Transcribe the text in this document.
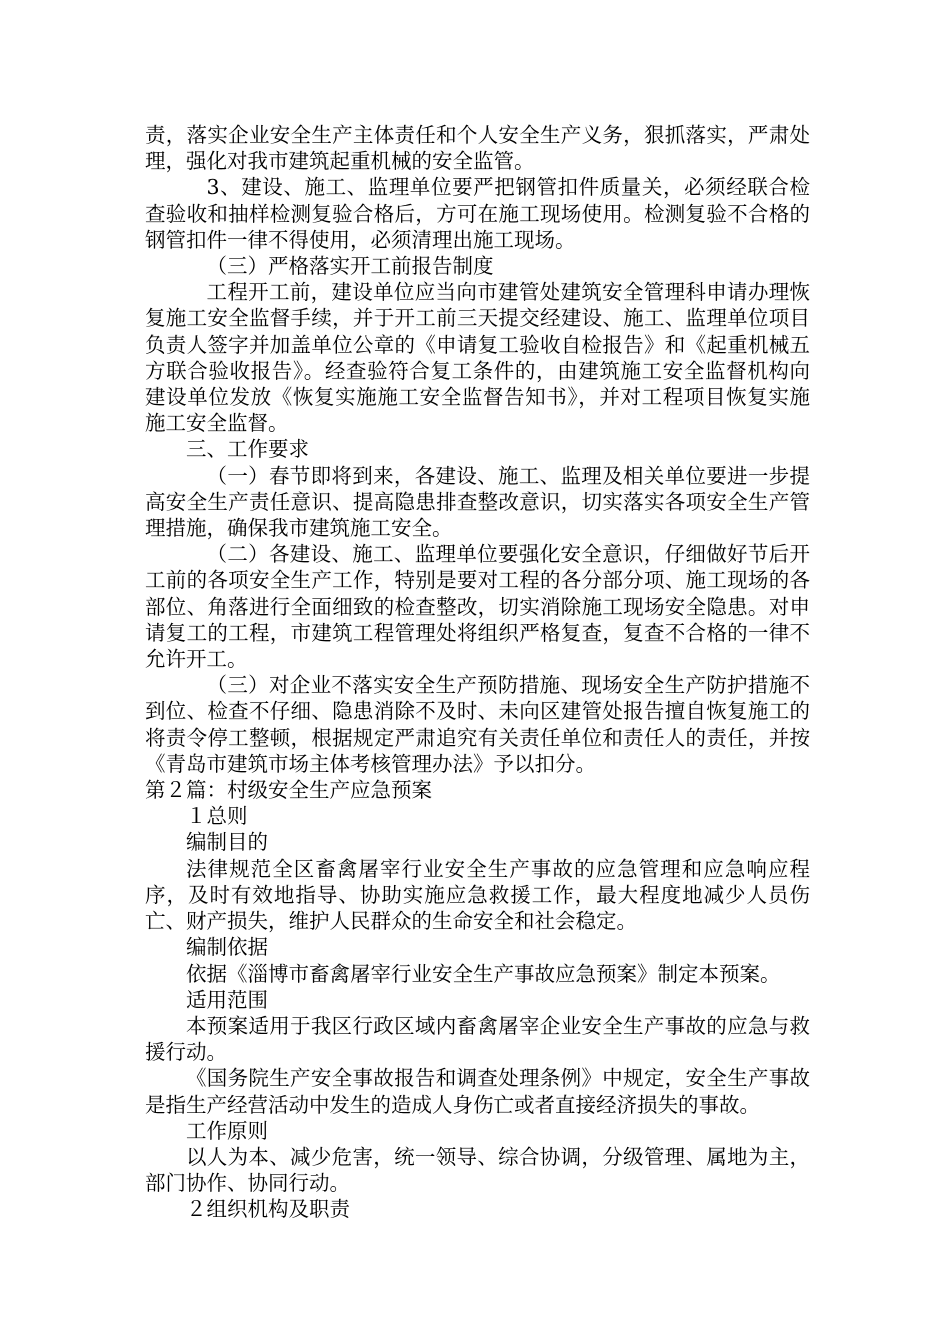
责，落实企业安全生产主体责任和个人安全生产义务，狠抓落实，严肃处理，强化对我市建筑起重机械的安全监管。

3、建设、施工、监理单位要严把钢管扣件质量关，必须经联合检查验收和抽样检测复验合格后，方可在施工现场使用。检测复验不合格的钢管扣件一律不得使用，必须清理出施工现场。

（三）严格落实开工前报告制度

工程开工前，建设单位应当向市建管处建筑安全管理科申请办理恢复施工安全监督手续，并于开工前三天提交经建设、施工、监理单位项目负责人签字并加盖单位公章的《申请复工验收自检报告》和《起重机械五方联合验收报告》。经查验符合复工条件的，由建筑施工安全监督机构向建设单位发放《恢复实施施工安全监督告知书》，并对工程项目恢复实施施工安全监督。

三、工作要求

（一）春节即将到来，各建设、施工、监理及相关单位要进一步提高安全生产责任意识、提高隐患排查整改意识，切实落实各项安全生产管理措施，确保我市建筑施工安全。

（二）各建设、施工、监理单位要强化安全意识，仔细做好节后开工前的各项安全生产工作，特别是要对工程的各分部分项、施工现场的各部位、角落进行全面细致的检查整改，切实消除施工现场安全隐患。对申请复工的工程，市建筑工程管理处将组织严格复查，复查不合格的一律不允许开工。

（三）对企业不落实安全生产预防措施、现场安全生产防护措施不到位、检查不仔细、隐患消除不及时、未向区建管处报告擅自恢复施工的将责令停工整顿，根据规定严肃追究有关责任单位和责任人的责任，并按《青岛市建筑市场主体考核管理办法》予以扣分。

第２篇：村级安全生产应急预案

１总则

编制目的

法律规范全区畜禽屠宰行业安全生产事故的应急管理和应急响应程序，及时有效地指导、协助实施应急救援工作，最大程度地减少人员伤亡、财产损失，维护人民群众的生命安全和社会稳定。

编制依据

依据《淄博市畜禽屠宰行业安全生产事故应急预案》制定本预案。

适用范围

本预案适用于我区行政区域内畜禽屠宰企业安全生产事故的应急与救援行动。

《国务院生产安全事故报告和调查处理条例》中规定，安全生产事故是指生产经营活动中发生的造成人身伤亡或者直接经济损失的事故。

工作原则

以人为本、减少危害，统一领导、综合协调，分级管理、属地为主，部门协作、协同行动。

２组织机构及职责
